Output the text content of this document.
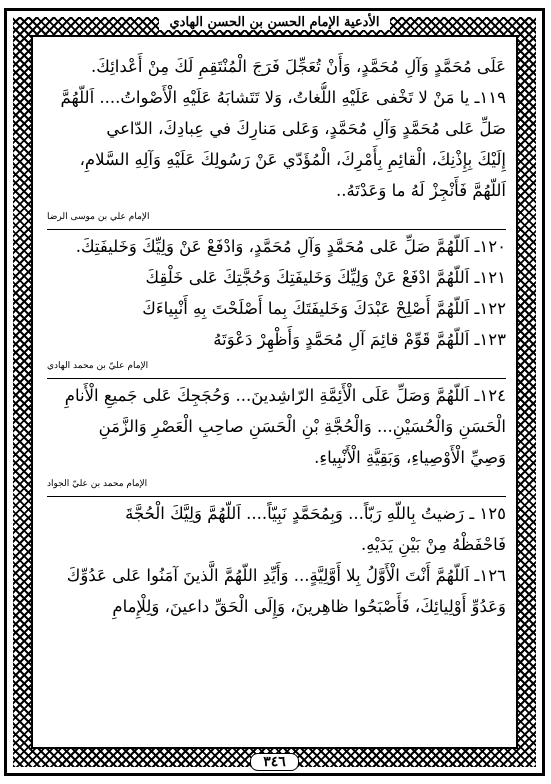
الأدعية الإمام الحسن بن الحسن الهادي
عَلَى مُحَمَّدٍ وَآلِ مُحَمَّدٍ، وَأَنْ تُعَجِّلَ فَرَجَ الْمُنْتَقِمِ لَكَ مِنْ أَعْدائِكَ.
١١٩ـ يا مَنْ لا تَخْفى عَلَيْهِ اللُّغاتُ، وَلا تَتَشابَهُ عَلَيْهِ الْأَصْواتُ.... اَللّهُمَّ
صَلِّ عَلى مُحَمَّدٍ وَآلِ مُحَمَّدٍ، وَعَلى مَنارِكَ في عِبادِكَ، الدّاعي
إِلَيْكَ بِإِذْنِكَ، الْقائِمِ بِأَمْرِكَ، الْمُؤَدّي عَنْ رَسُولِكَ عَلَيْهِ وَآلِهِ السَّلامِ،
اَللّهُمَّ فَأَنْجِزْ لَهُ ما وَعَدْتَهُ..
الإمام علي بن موسى الرضا
١٢٠ـ اَللّهُمَّ صَلِّ عَلى مُحَمَّدٍ وَآلِ مُحَمَّدٍ، وَادْفَعْ عَنْ وَلِيِّكَ وَخَليفَتِكَ.
١٢١ـ اَللّهُمَّ ادْفَعْ عَنْ وَلِيِّكَ وَخَليفَتِكَ وَحُجَّتِكَ عَلى خَلْقِكَ
١٢٢ـ اَللّهُمَّ أَصْلِحْ عَبْدَكَ وَخَليفَتَكَ بِما أَصْلَحْتَ بِهِ أَنْبِياءَكَ
١٢٣ـ اَللّهُمَّ قَوِّمْ قائِمَ آلِ مُحَمَّدٍ وَأَظْهِرْ دَعْوَتَهُ
الإمام عليّ بن محمد الهادي
١٢٤ـ اَللّهُمَّ وَصَلِّ عَلَى الْأَئِمَّةِ الرّاشِدينَ... وَحُجَجِكَ عَلى جَميعِ الْأَنامِ
الْحَسَنِ وَالْحُسَيْنِ... وَالْحُجَّةِ بْنِ الْحَسَنِ صاحِبِ الْعَصْرِ وَالزَّمَنِ
وَصِيِّ الْأَوْصِياءِ، وَبَقِيَّةِ الْأَنْبِياءِ.
الإمام محمد بن عليّ الجواد
١٢٥ ـ رَضيتُ بِاللّهِ رَبّاً... وَبِمُحَمَّدٍ نَبِيّاً.... اَللّهُمَّ وَلِيَّكَ الْحُجَّةَ
فَاحْفَظْهُ مِنْ بَيْنِ يَدَيْهِ.
١٢٦ـ اَللّهُمَّ أَنْتَ الْأَوَّلُ بِلا أَوَّلِيَّةٍ... وَأَيِّدِ اللّهُمَّ الَّذينَ آمَنُوا عَلى عَدُوِّكَ
وَعَدُوِّ أَوْلِيائِكَ، فَأَصْبَحُوا ظاهِرينَ، وَإِلَى الْحَقِّ داعينَ، وَلِلْإِمامِ
٣٤٦
